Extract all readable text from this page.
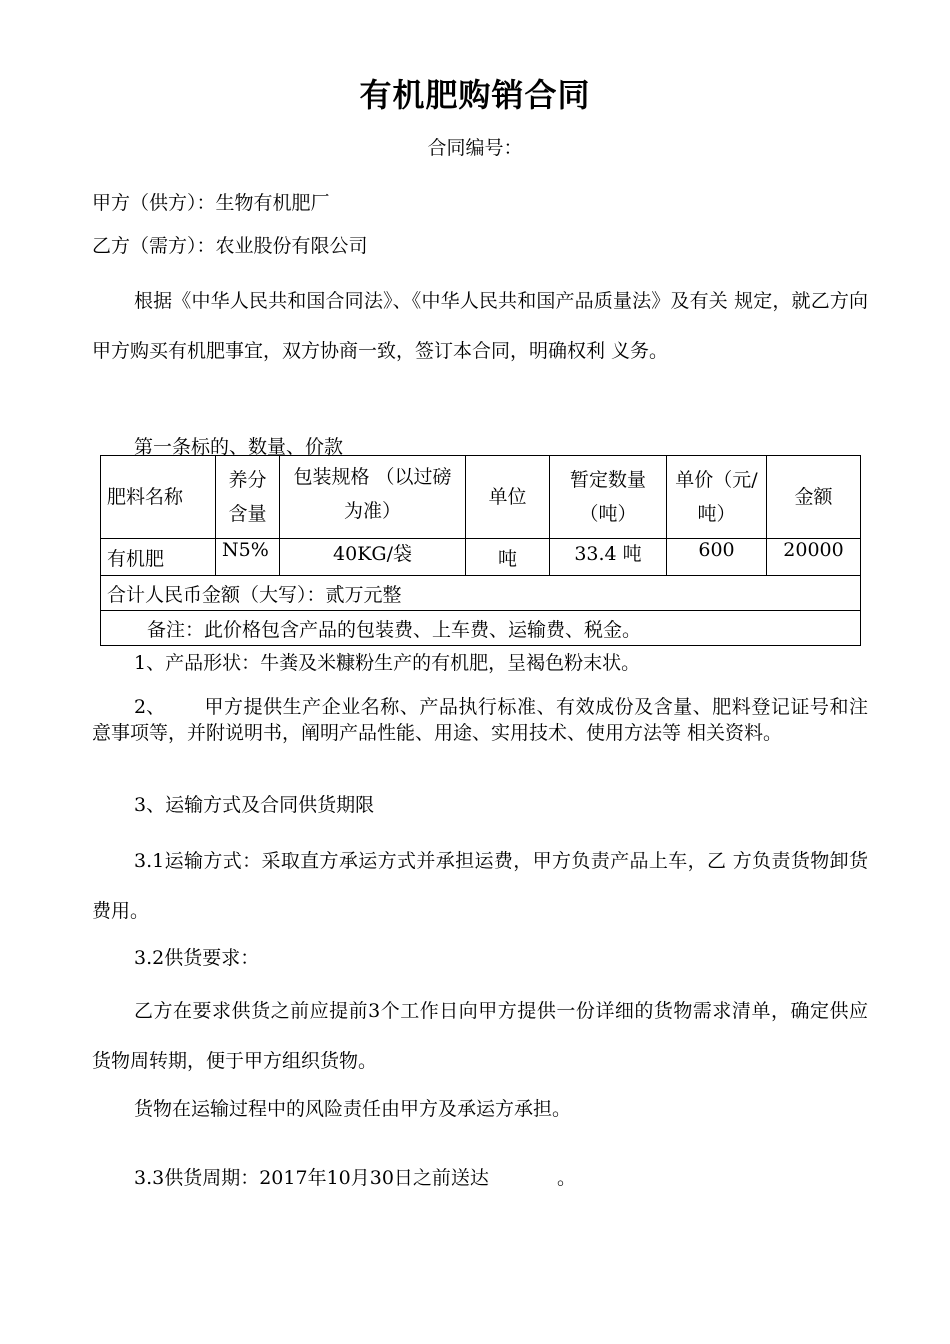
有机肥购销合同
合同编号：
甲方（供方）：生物有机肥厂
乙方（需方）：农业股份有限公司
根据《中华人民共和国合同法》、《中华人民共和国产品质量法》及有关 规定，就乙方向甲方购买有机肥事宜，双方协商一致，签订本合同，明确权利 义务。
第一条标的、数量、价款
肥料名称	养分含量	包装规格 （以过磅为准）	单位	暂定数量（吨）	单价（元/吨）	金额
有机肥	N5%	40KG/袋	吨	33.4 吨	600	20000
合计人民币金额（大写）：贰万元整						
备注：此价格包含产品的包装费、上车费、运输费、税金。						
1、产品形状：牛粪及米糠粉生产的有机肥，呈褐色粉末状。
2、 甲方提供生产企业名称、产品执行标准、有效成份及含量、肥料登记证号和注意事项等，并附说明书，阐明产品性能、用途、实用技术、使用方法等 相关资料。
3、运输方式及合同供货期限
3.1运输方式：采取直方承运方式并承担运费，甲方负责产品上车，乙 方负责货物卸货费用。
3.2供货要求：
乙方在要求供货之前应提前3个工作日向甲方提供一份详细的货物需求清单，确定供应货物周转期，便于甲方组织货物。
货物在运输过程中的风险责任由甲方及承运方承担。
3.3供货周期：2017年10月30日之前送达	。
